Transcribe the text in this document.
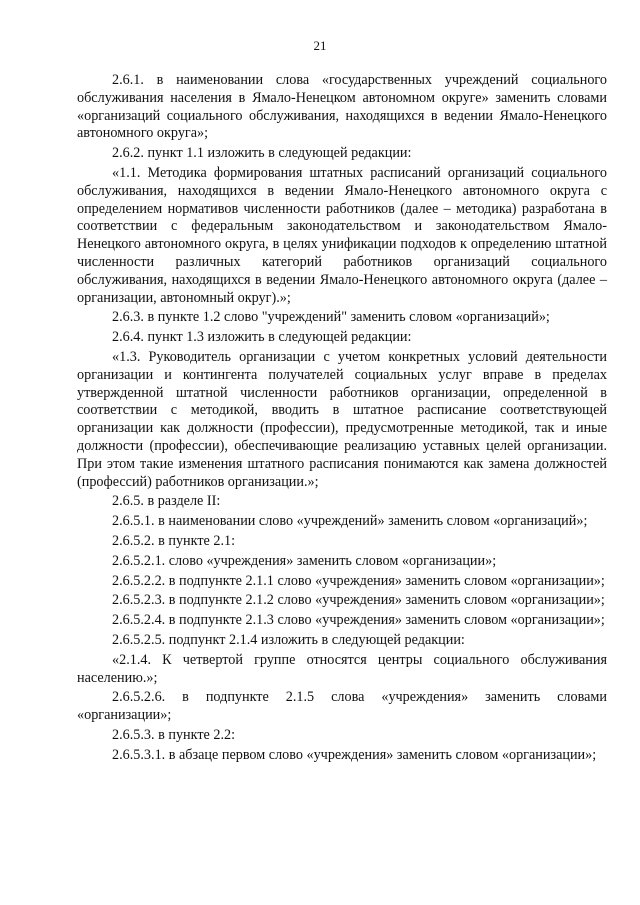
21

2.6.1. в наименовании слова «государственных учреждений социального обслуживания населения в Ямало-Ненецком автономном округе» заменить словами «организаций социального обслуживания, находящихся в ведении Ямало-Ненецкого автономного округа»;

2.6.2. пункт 1.1 изложить в следующей редакции:

«1.1. Методика формирования штатных расписаний организаций социального обслуживания, находящихся в ведении Ямало-Ненецкого автономного округа с определением нормативов численности работников (далее – методика) разработана в соответствии с федеральным законодательством и законодательством Ямало-Ненецкого автономного округа, в целях унификации подходов к определению штатной численности различных категорий работников организаций социального обслуживания, находящихся в ведении Ямало-Ненецкого автономного округа (далее – организации, автономный округ).»;

2.6.3. в пункте 1.2 слово "учреждений" заменить словом «организаций»;

2.6.4. пункт 1.3 изложить в следующей редакции:

«1.3. Руководитель организации с учетом конкретных условий деятельности организации и контингента получателей социальных услуг вправе в пределах утвержденной штатной численности работников организации, определенной в соответствии с методикой, вводить в штатное расписание соответствующей организации как должности (профессии), предусмотренные методикой, так и иные должности (профессии), обеспечивающие реализацию уставных целей организации. При этом такие изменения штатного расписания понимаются как замена должностей (профессий) работников организации.»;

2.6.5. в разделе II:

2.6.5.1. в наименовании слово «учреждений» заменить словом «организаций»;

2.6.5.2. в пункте 2.1:

2.6.5.2.1. слово «учреждения» заменить словом «организации»;

2.6.5.2.2. в подпункте 2.1.1 слово «учреждения» заменить словом «организации»;

2.6.5.2.3. в подпункте 2.1.2 слово «учреждения» заменить словом «организации»;

2.6.5.2.4. в подпункте 2.1.3 слово «учреждения» заменить словом «организации»;

2.6.5.2.5. подпункт 2.1.4 изложить в следующей редакции:

«2.1.4. К четвертой группе относятся центры социального обслуживания населению.»;

2.6.5.2.6. в подпункте 2.1.5 слова «учреждения» заменить словами «организации»;

2.6.5.3. в пункте 2.2:

2.6.5.3.1. в абзаце первом слово «учреждения» заменить словом «организации»;
